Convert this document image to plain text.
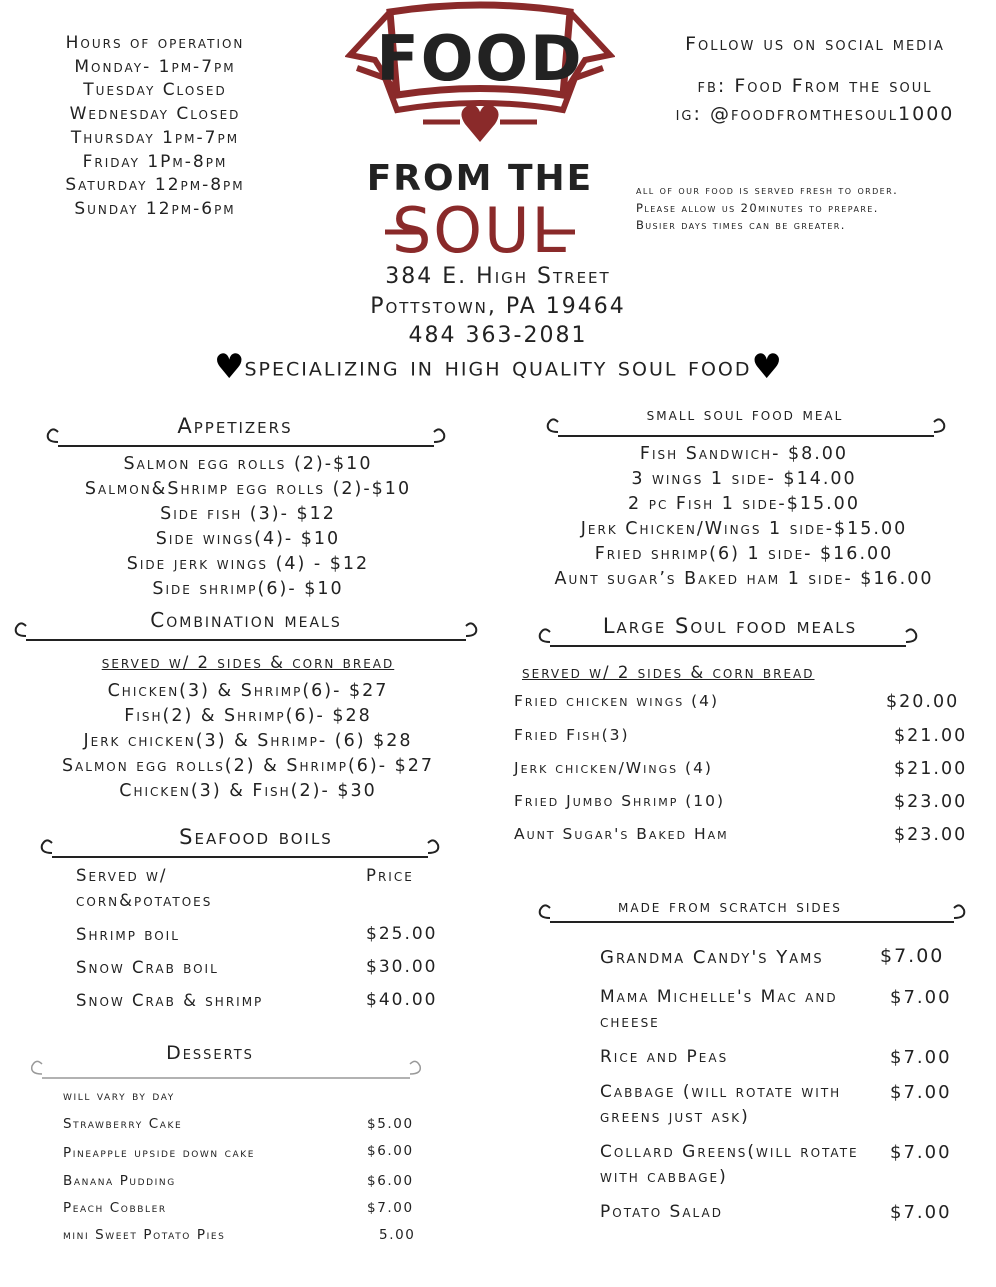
Hours of operation
Monday- 1pm-7pm
Tuesday Closed
Wednesday Closed
Thursday 1pm-7pm
Friday 1Pm-8pm
Saturday 12pm-8pm
Sunday 12pm-6pm
FOOD
FROM THE
SOUL
Follow us on social media
fb: Food From the soul
ig: @foodfromthesoul1000
all of our food is served fresh to order.
Please allow us 20minutes to prepare.
Busier days times can be greater.
384 E. High Street
Pottstown, PA 19464
484 363-2081
♥specializing in high quality soul food♥
Appetizers
Salmon egg rolls (2)-$10
Salmon&Shrimp egg rolls (2)-$10
Side fish (3)- $12
Side wings(4)- $10
Side jerk wings (4) - $12
Side shrimp(6)- $10
Combination meals
served w/ 2 sides & corn bread
Chicken(3) & Shrimp(6)- $27
Fish(2) & Shrimp(6)- $28
Jerk chicken(3) & Shrimp- (6) $28
Salmon egg rolls(2) & Shrimp(6)- $27
Chicken(3) & Fish(2)- $30
Seafood boils
Served w/
corn&potatoes	Price
Shrimp boil	$25.00
Snow Crab boil	$30.00
Snow Crab & shrimp	$40.00
Desserts
will vary by day
Strawberry Cake	$5.00
Pineapple upside down cake	$6.00
Banana Pudding	$6.00
Peach Cobbler	$7.00
mini Sweet Potato Pies	5.00
small soul food meal
Fish Sandwich- $8.00
3 wings 1 side- $14.00
2 pc Fish 1 side-$15.00
Jerk Chicken/Wings 1 side-$15.00
Fried shrimp(6) 1 side- $16.00
Aunt sugar’s Baked ham 1 side- $16.00
Large Soul food meals
served w/ 2 sides & corn bread
Fried chicken wings (4)	$20.00
Fried Fish(3)	$21.00
Jerk chicken/Wings (4)	$21.00
Fried Jumbo Shrimp (10)	$23.00
Aunt Sugar's Baked Ham	$23.00
made from scratch sides
Grandma Candy's Yams	$7.00
Mama Michelle's Mac and cheese	$7.00
Rice and Peas	$7.00
Cabbage (will rotate with greens just ask)	$7.00
Collard Greens(will rotate with cabbage)	$7.00
Potato Salad	$7.00
